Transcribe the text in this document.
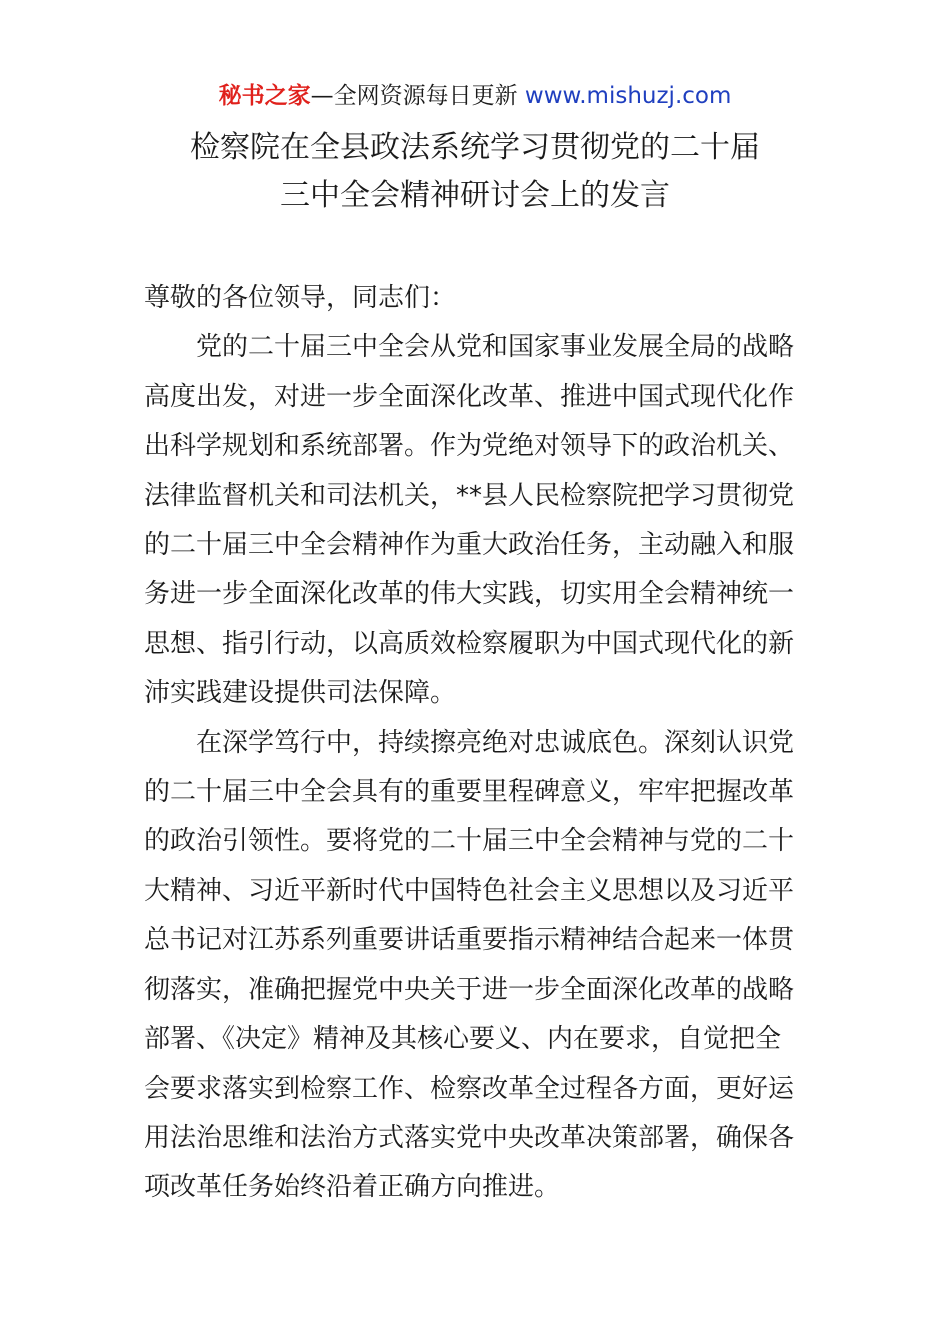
秘书之家—全网资源每日更新 www.mishuzj.com
检察院在全县政法系统学习贯彻党的二十届
三中全会精神研讨会上的发言

尊敬的各位领导，同志们：

　　党的二十届三中全会从党和国家事业发展全局的战略
高度出发，对进一步全面深化改革、推进中国式现代化作
出科学规划和系统部署。作为党绝对领导下的政治机关、
法律监督机关和司法机关，**县人民检察院把学习贯彻党
的二十届三中全会精神作为重大政治任务，主动融入和服
务进一步全面深化改革的伟大实践，切实用全会精神统一
思想、指引行动，以高质效检察履职为中国式现代化的新
沛实践建设提供司法保障。

　　在深学笃行中，持续擦亮绝对忠诚底色。深刻认识党
的二十届三中全会具有的重要里程碑意义，牢牢把握改革
的政治引领性。要将党的二十届三中全会精神与党的二十
大精神、习近平新时代中国特色社会主义思想以及习近平
总书记对江苏系列重要讲话重要指示精神结合起来一体贯
彻落实，准确把握党中央关于进一步全面深化改革的战略
部署、《决定》精神及其核心要义、内在要求，自觉把全
会要求落实到检察工作、检察改革全过程各方面，更好运
用法治思维和法治方式落实党中央改革决策部署，确保各
项改革任务始终沿着正确方向推进。
